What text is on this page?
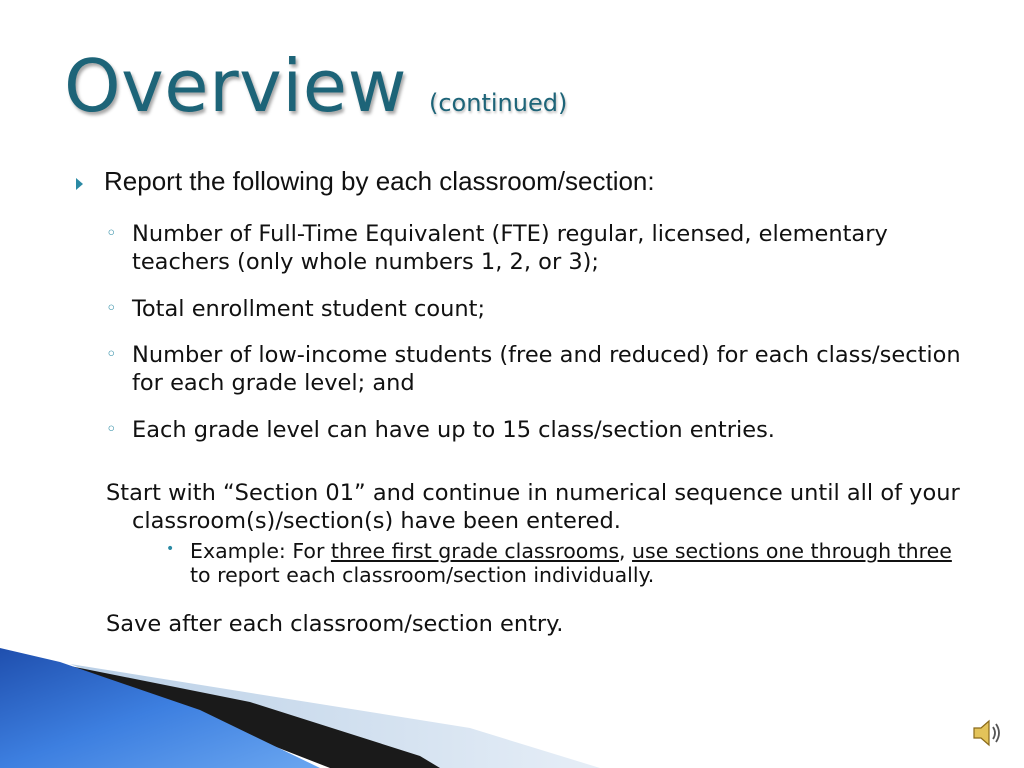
Overview (continued)
Report the following by each classroom/section:
◦ Number of Full-Time Equivalent (FTE) regular, licensed, elementary teachers (only whole numbers 1, 2, or 3);
◦ Total enrollment student count;
◦ Number of low-income students (free and reduced) for each class/section for each grade level; and
◦ Each grade level can have up to 15 class/section entries.
Start with “Section 01” and continue in numerical sequence until all of your classroom(s)/section(s) have been entered.
• Example: For three first grade classrooms, use sections one through three to report each classroom/section individually.
Save after each classroom/section entry.
